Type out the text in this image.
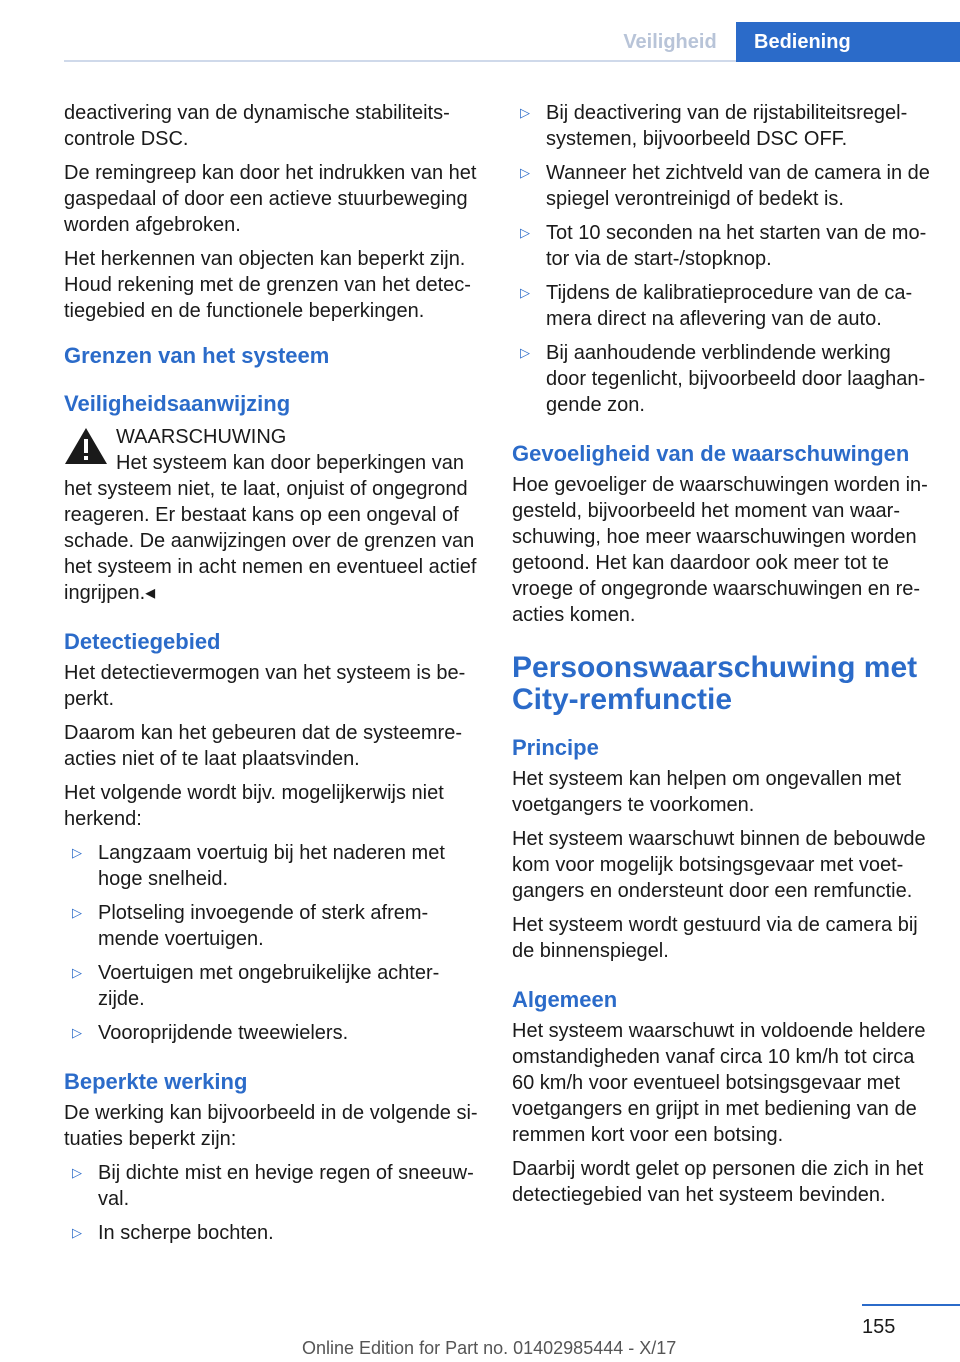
Veiligheid	Bediening

deactivering van de dynamische stabiliteitscontrole DSC.

De remingreep kan door het indrukken van het gaspedaal of door een actieve stuurbeweging worden afgebroken.

Het herkennen van objecten kan beperkt zijn. Houd rekening met de grenzen van het detectiegebied en de functionele beperkingen.

Grenzen van het systeem
Veiligheidsaanwijzing
WAARSCHUWING
Het systeem kan door beperkingen van

het systeem niet, te laat, onjuist of ongegrond reageren. Er bestaat kans op een ongeval of schade. De aanwijzingen over de grenzen van het systeem in acht nemen en eventueel actief ingrijpen.◂

Detectiegebied

Het detectievermogen van het systeem is beperkt.

Daarom kan het gebeuren dat de systeemreacties niet of te laat plaatsvinden.

Het volgende wordt bijv. mogelijkerwijs niet herkend:

▷ Langzaam voertuig bij het naderen met hoge snelheid.
▷ Plotseling invoegende of sterk afremmende voertuigen.
▷ Voertuigen met ongebruikelijke achterzijde.
▷ Vooroprijdende tweewielers.
Beperkte werking

De werking kan bijvoorbeeld in de volgende situaties beperkt zijn:

▷ Bij dichte mist en hevige regen of sneeuwval.
▷ In scherpe bochten.
▷ Bij deactivering van de rijstabiliteitsregelsystemen, bijvoorbeeld DSC OFF.
▷ Wanneer het zichtveld van de camera in de spiegel verontreinigd of bedekt is.
▷ Tot 10 seconden na het starten van de motor via de start-/stopknop.
▷ Tijdens de kalibratieprocedure van de camera direct na aflevering van de auto.
▷ Bij aanhoudende verblindende werking door tegenlicht, bijvoorbeeld door laaghangende zon.
Gevoeligheid van de waarschuwingen

Hoe gevoeliger de waarschuwingen worden ingesteld, bijvoorbeeld het moment van waarschuwing, hoe meer waarschuwingen worden getoond. Het kan daardoor ook meer tot te vroege of ongegronde waarschuwingen en reacties komen.

Persoonswaarschuwing met City-remfunctie
Principe

Het systeem kan helpen om ongevallen met voetgangers te voorkomen.

Het systeem waarschuwt binnen de bebouwde kom voor mogelijk botsingsgevaar met voetgangers en ondersteunt door een remfunctie.

Het systeem wordt gestuurd via de camera bij de binnenspiegel.

Algemeen

Het systeem waarschuwt in voldoende heldere omstandigheden vanaf circa 10 km/h tot circa 60 km/h voor eventueel botsingsgevaar met voetgangers en grijpt in met bediening van de remmen kort voor een botsing.

Daarbij wordt gelet op personen die zich in het detectiegebied van het systeem bevinden.

155
Online Edition for Part no. 01402985444 - X/17
